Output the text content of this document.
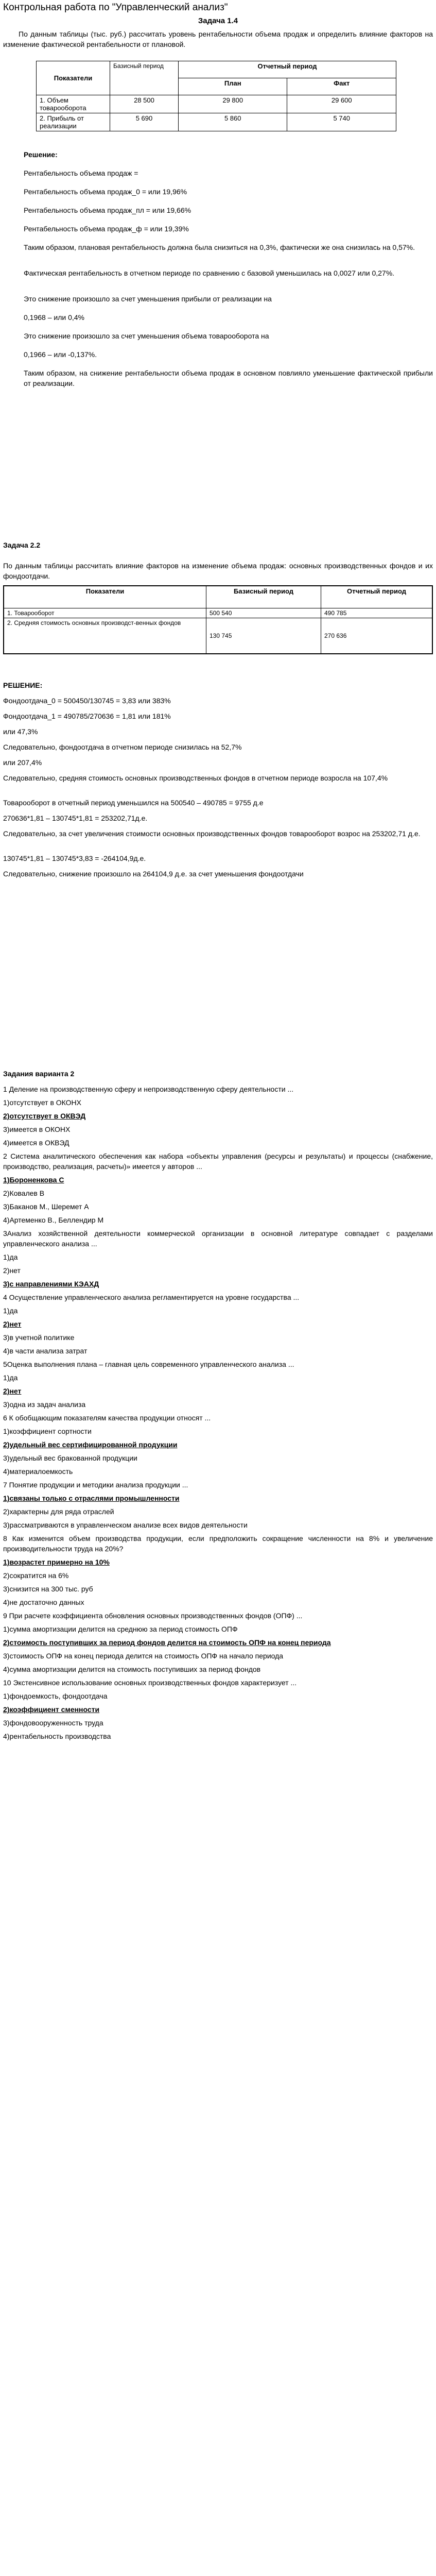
Контрольная работа по "Управленческий анализ"
Задача 1.4
По данным таблицы (тыс. руб.) рассчитать уровень рентабельности объема продаж и определить влияние факторов на изменение фактической рентабельности от плановой.
Показатели	Базисный период	Отчетный период	
		План	Факт
1. Объем товарооборота	28 500	29 800	29 600
2. Прибыль от реализации	5 690	5 860	5 740
Решение:
Рентабельность объема продаж =
Рентабельность объема продаж_0 = или 19,96%
Рентабельность объема продаж_пл = или 19,66%
Рентабельность объема продаж_ф = или 19,39%
Таким образом, плановая рентабельность должна была снизиться на 0,3%, фактически же она снизилась на 0,57%.
Фактическая рентабельность в отчетном периоде по сравнению с базовой уменьшилась на 0,0027 или 0,27%.
Это снижение произошло за счет уменьшения прибыли от реализации на
0,1968 – или 0,4%
Это снижение произошло за счет уменьшения объема товарооборота на
0,1966 – или -0,137%.
Таким образом, на снижение рентабельности объема продаж в основном повлияло уменьшение фактической прибыли от реализации.
Задача 2.2
По данным таблицы рассчитать влияние факторов на изменение объема продаж: основных производственных фондов и их фондоотдачи.
Показатели	Базисный период	Отчетный период
1. Товарооборот	500 540	490 785
2. Средняя стоимость основных производст-венных фондов	130 745	270 636
РЕШЕНИЕ:
Фондоотдача_0 = 500450/130745 = 3,83 или 383%
Фондоотдача_1 = 490785/270636 = 1,81 или 181%
или 47,3%
Следовательно, фондоотдача в отчетном периоде снизилась на 52,7%
или 207,4%
Следовательно, средняя стоимость основных производственных фондов в отчетном периоде возросла на 107,4%
Товарооборот в отчетный период уменьшился на 500540 – 490785 = 9755 д.е
270636*1,81 – 130745*1,81 = 253202,71д.е.
Следовательно, за счет увеличения стоимости основных производственных фондов товарооборот возрос на 253202,71 д.е.
130745*1,81 – 130745*3,83 = -264104,9д.е.
Следовательно, снижение произошло на 264104,9 д.е. за счет уменьшения фондоотдачи
Задания варианта 2
1 Деление на производственную сферу и непроизводственную сферу деятельности ...
1)отсутствует в ОКОНХ
2)отсутствует в ОКВЭД
3)имеется в ОКОНХ
4)имеется в ОКВЭД
2 Система аналитического обеспечения как набора «объекты управления (ресурсы и результаты) и процессы (снабжение, производство, реализация, расчеты)» имеется у авторов ...
1)Бороненкова С
2)Ковалев В
3)Баканов М., Шеремет А
4)Артеменко В., Беллендир М
3Анализ хозяйственной деятельности коммерческой организации в основной литературе совпадает с разделами управленческого анализа ...
1)да
2)нет
3)с направлениями КЭАХД
4 Осуществление управленческого анализа регламентируется на уровне государства ...
1)да
2)нет
3)в учетной политике
4)в части анализа затрат
5Оценка выполнения плана – главная цель современного управленческого анализа ...
1)да
2)нет
3)одна из задач анализа
6 К обобщающим показателям качества продукции относят ...
1)коэффициент сортности
2)удельный вес сертифицированной продукции
3)удельный вес бракованной продукции
4)материалоемкость
7 Понятие продукции и методики анализа продукции ...
1)связаны только с отраслями промышленности
2)характерны для ряда отраслей
3)рассматриваются в управленческом анализе всех видов деятельности
8 Как изменится объем производства продукции, если предположить сокращение численности на 8% и увеличение производительности труда на 20%?
1)возрастет примерно на 10%
2)сократится на 6%
3)снизится на 300 тыс. руб
4)не достаточно данных
9 При расчете коэффициента обновления основных производственных фондов (ОПФ) ...
1)сумма амортизации делится на среднюю за период стоимость ОПФ
2)стоимость поступивших за период фондов делится на стоимость ОПФ на конец периода
3)стоимость ОПФ на конец периода делится на стоимость ОПФ на начало периода
4)сумма амортизации делится на стоимость поступивших за период фондов
10 Экстенсивное использование основных производственных фондов характеризует ...
1)фондоемкость, фондоотдача
2)коэффициент сменности
3)фондовооруженность труда
4)рентабельность производства
